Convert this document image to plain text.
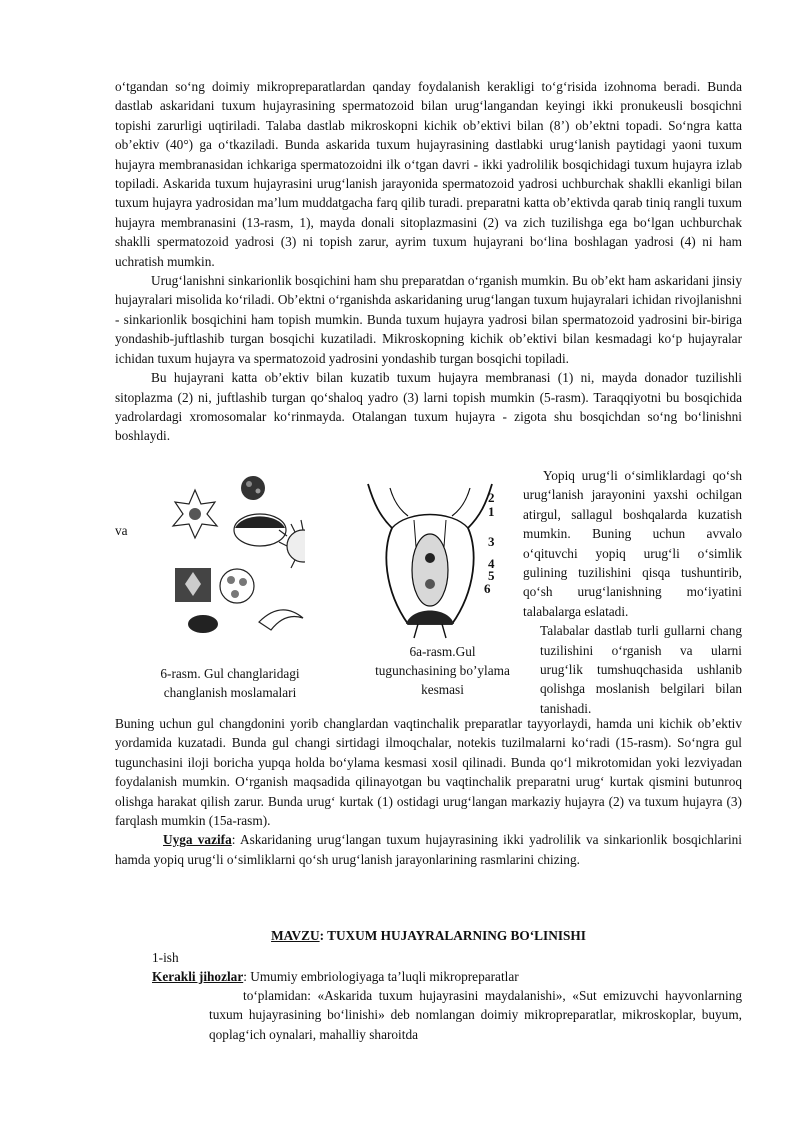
o‘tgandan so‘ng doimiy mikropreparatlardan qanday foydalanish kerakligi to‘g‘risida izohnoma beradi. Bunda dastlab askaridani tuxum hujayrasining spermatozoid bilan urug‘langandan keyingi ikki pronukeusli bosqichni topishi zarurligi uqtiriladi. Talaba dastlab mikroskopni kichik ob’ektivi bilan (8ʼ) ob’ektni topadi. So‘ngra katta ob’ektiv (40°) ga o‘tkaziladi. Bunda askarida tuxum hujayrasining dastlabki urug‘lanish paytidagi yaoni tuxum hujayra membranasidan ichkariga spermatozoidni ilk o‘tgan davri - ikki yadrolilik bosqichidagi tuxum hujayra izlab topiladi. Askarida tuxum hujayrasini urug‘lanish jarayonida spermatozoid yadrosi uchburchak shaklli ekanligi bilan tuxum hujayra yadrosidan ma’lum muddatgacha farq qilib turadi. preparatni katta ob’ektivda qarab tiniq rangli tuxum hujayra membranasini (13-rasm, 1), mayda donali sitoplazmasini (2) va zich tuzilishga ega bo‘lgan uchburchak shaklli spermatozoid yadrosi (3) ni topish zarur, ayrim tuxum hujayrani bo‘lina boshlagan yadrosi (4) ni ham uchratish mumkin.

Urug‘lanishni sinkarionlik bosqichini ham shu preparatdan o‘rganish mumkin. Bu ob’ekt ham askaridani jinsiy hujayralari misolida ko‘riladi. Ob’ektni o‘rganishda askaridaning urug‘langan tuxum hujayralari ichidan rivojlanishni - sinkarionlik bosqichini ham topish mumkin. Bunda tuxum hujayra yadrosi bilan spermatozoid yadrosini bir-biriga yondashib-juftlashib turgan bosqichi kuzatiladi. Mikroskopning kichik ob’ektivi bilan kesmadagi ko‘p hujayralar ichidan tuxum hujayra va spermatozoid yadrosini yondashib turgan bosqichi topiladi.

Bu hujayrani katta ob’ektiv bilan kuzatib tuxum hujayra membranasi (1) ni, mayda donador tuzilishli sitoplazma (2) ni, juftlashib turgan qo‘shaloq yadro (3) larni topish mumkin (5-rasm). Taraqqiyotni bu bosqichida yadrolardagi xromosomalar ko‘rinmayda. Otalangan tuxum hujayra - zigota shu bosqichdan so‘ng bo‘linishni boshlaydi.

va
2
1
3
4
5
6
6-rasm. Gul changlaridagi changlanish moslamalari
6a-rasm.Gul tugunchasining bo’ylama kesmasi
Yopiq urug‘li o‘simliklardagi qo‘sh urug‘lanish jarayonini yaxshi ochilgan atirgul, sallagul boshqalarda kuzatish mumkin. Buning uchun avvalo o‘qituvchi yopiq urug‘li o‘simlik gulining tuzilishini qisqa tushuntirib, qo‘sh urug‘lanishning mo‘iyatini talabalarga eslatadi.
Talabalar dastlab turli gullarni chang tuzilishini o‘rganish va ularni urug‘lik tumshuqchasida ushlanib qolishga moslanish belgilari bilan tanishadi.

Buning uchun gul changdonini yorib changlardan vaqtinchalik preparatlar tayyorlaydi, hamda uni kichik ob’ektiv yordamida kuzatadi. Bunda gul changi sirtidagi ilmoqchalar, notekis tuzilmalarni ko‘radi (15-rasm). So‘ngra gul tugunchasini iloji boricha yupqa holda bo‘ylama kesmasi xosil qilinadi. Bunda qo‘l mikrotomidan yoki lezviyadan foydalanish mumkin. O‘rganish maqsadida qilinayotgan bu vaqtinchalik preparatni urug‘ kurtak qismini butunroq olishga harakat qilish zarur. Bunda urug‘ kurtak (1) ostidagi urug‘langan markaziy hujayra (2) va tuxum hujayra (3) farqlash mumkin (15a-rasm).

Uyga vazifa: Askaridaning urug‘langan tuxum hujayrasining ikki yadrolilik va sinkarionlik bosqichlarini hamda yopiq urug‘li o‘simliklarni qo‘sh urug‘lanish jarayonlarining rasmlarini chizing.

MAVZU: TUXUM HUJAYRALARNING BO‘LINISHI
1-ish
Kerakli jihozlar: Umumiy embriologiyaga ta’luqli mikropreparatlar

to‘plamidan: «Askarida tuxum hujayrasini maydalanishi», «Sut emizuvchi hayvonlarning tuxum hujayrasining bo‘linishi» deb nomlangan doimiy mikropreparatlar, mikroskoplar, buyum, qoplag‘ich oynalari, mahalliy sharoitda
